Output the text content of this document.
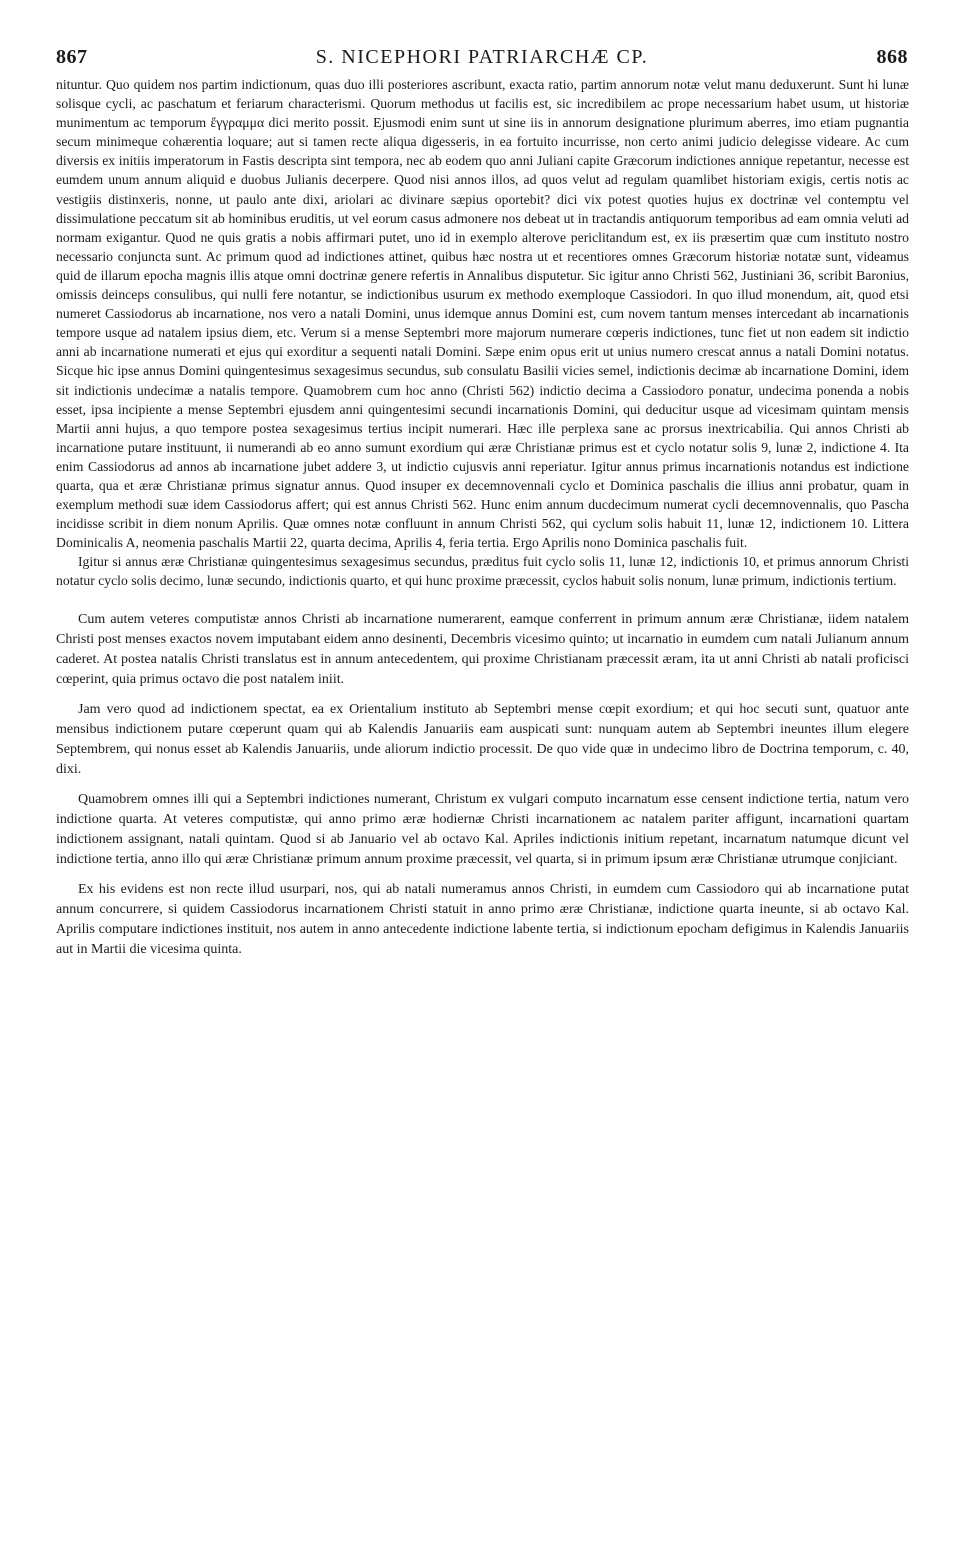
867	S. NICEPHORI PATRIARCHÆ CP.	868

nituntur. Quo quidem nos partim indictionum, quas duo illi posteriores ascribunt, exacta ratio, partim annorum notæ velut manu deduxerunt. Sunt hi lunæ solisque cycli, ac paschatum et feriarum characterismi. Quorum methodus ut facilis est, sic incredibilem ac prope necessarium habet usum, ut historiæ munimentum ac temporum ἔγγραμμα dici merito possit. Ejusmodi enim sunt ut sine iis in annorum designatione plurimum aberres, imo etiam pugnantia secum minimeque cohærentia loquare; aut si tamen recte aliqua digesseris, in ea fortuito incurrisse, non certo animi judicio delegisse videare. Ac cum diversis ex initiis imperatorum in Fastis descripta sint tempora, nec ab eodem quo anni Juliani capite Græcorum indictiones annique repetantur, necesse est eumdem unum annum aliquid e duobus Julianis decerpere. Quod nisi annos illos, ad quos velut ad regulam quamlibet historiam exigis, certis notis ac vestigiis distinxeris, nonne, ut paulo ante dixi, ariolari ac divinare sæpius oportebit? dici vix potest quoties hujus ex doctrinæ vel contemptu vel dissimulatione peccatum sit ab hominibus eruditis, ut vel eorum casus admonere nos debeat ut in tractandis antiquorum temporibus ad eam omnia veluti ad normam exigantur. Quod ne quis gratis a nobis affirmari putet, uno id in exemplo alterove periclitandum est, ex iis præsertim quæ cum instituto nostro necessario conjuncta sunt. Ac primum quod ad indictiones attinet, quibus hæc nostra ut et recentiores omnes Græcorum historiæ notatæ sunt, videamus quid de illarum epocha magnis illis atque omni doctrinæ genere refertis in Annalibus disputetur. Sic igitur anno Christi 562, Justiniani 36, scribit Baronius, omissis deinceps consulibus, qui nulli fere notantur, se indictionibus usurum ex methodo exemploque Cassiodori. In quo illud monendum, ait, quod etsi numeret Cassiodorus ab incarnatione, nos vero a natali Domini, unus idemque annus Domini est, cum novem tantum menses intercedant ab incarnationis tempore usque ad natalem ipsius diem, etc. Verum si a mense Septembri more majorum numerare cœperis indictiones, tunc fiet ut non eadem sit indictio anni ab incarnatione numerati et ejus qui exorditur a sequenti natali Domini. Sæpe enim opus erit ut unius numero crescat annus a natali Domini notatus. Sicque hic ipse annus Domini quingentesimus sexagesimus secundus, sub consulatu Basilii vicies semel, indictionis decimæ ab incarnatione Domini, idem sit indictionis undecimæ a natalis tempore. Quamobrem cum hoc anno (Christi 562) indictio decima a Cassiodoro ponatur, undecima ponenda a nobis esset, ipsa incipiente a mense Septembri ejusdem anni quingentesimi secundi incarnationis Domini, qui deducitur usque ad vicesimam quintam mensis Martii anni hujus, a quo tempore postea sexagesimus tertius incipit numerari. Hæc ille perplexa sane ac prorsus inextricabilia. Qui annos Christi ab incarnatione putare instituunt, ii numerandi ab eo anno sumunt exordium qui æræ Christianæ primus est et cyclo notatur solis 9, lunæ 2, indictione 4. Ita enim Cassiodorus ad annos ab incarnatione jubet addere 3, ut indictio cujusvis anni reperiatur. Igitur annus primus incarnationis notandus est indictione quarta, qua et æræ Christianæ primus signatur annus. Quod insuper ex decemnovennali cyclo et Dominica paschalis die illius anni probatur, quam in exemplum methodi suæ idem Cassiodorus affert; qui est annus Christi 562. Hunc enim annum ducdecimum numerat cycli decemnovennalis, quo Pascha incidisse scribit in diem nonum Aprilis. Quæ omnes notæ confluunt in annum Christi 562, qui cyclum solis habuit 11, lunæ 12, indictionem 10. Littera Dominicalis A, neomenia paschalis Martii 22, quarta decima, Aprilis 4, feria tertia. Ergo Aprilis nono Dominica paschalis fuit.

Igitur si annus æræ Christianæ quingentesimus sexagesimus secundus, præditus fuit cyclo solis 11, lunæ 12, indictionis 10, et primus annorum Christi notatur cyclo solis decimo, lunæ secundo, indictionis quarto, et qui hunc proxime præcessit, cyclos habuit solis nonum, lunæ primum, indictionis tertium.

Cum autem veteres computistæ annos Christi ab incarnatione numerarent, eamque conferrent in primum annum æræ Christianæ, iidem natalem Christi post menses exactos novem imputabant eidem anno desinenti, Decembris vicesimo quinto; ut incarnatio in eumdem cum natali Julianum annum caderet. At postea natalis Christi translatus est in annum antecedentem, qui proxime Christianam præcessit æram, ita ut anni Christi ab natali proficisci cœperint, quia primus octavo die post natalem iniit.

Jam vero quod ad indictionem spectat, ea ex Orientalium instituto ab Septembri mense cœpit exordium; et qui hoc secuti sunt, quatuor ante mensibus indictionem putare cœperunt quam qui ab Kalendis Januariis eam auspicati sunt: nunquam autem ab Septembri ineuntes illum elegere Septembrem, qui nonus esset ab Kalendis Januariis, unde aliorum indictio processit. De quo vide quæ in undecimo libro de Doctrina temporum, c. 40, dixi.

Quamobrem omnes illi qui a Septembri indictiones numerant, Christum ex vulgari computo incarnatum esse censent indictione tertia, natum vero indictione quarta. At veteres computistæ, qui anno primo æræ hodiernæ Christi incarnationem ac natalem pariter affigunt, incarnationi quartam indictionem assignant, natali quintam. Quod si ab Januario vel ab octavo Kal. Apriles indictionis initium repetant, incarnatum natumque dicunt vel indictione tertia, anno illo qui æræ Christianæ primum annum proxime præcessit, vel quarta, si in primum ipsum æræ Christianæ utrumque conjiciant.

Ex his evidens est non recte illud usurpari, nos, qui ab natali numeramus annos Christi, in eumdem cum Cassiodoro qui ab incarnatione putat annum concurrere, si quidem Cassiodorus incarnationem Christi statuit in anno primo æræ Christianæ, indictione quarta ineunte, si ab octavo Kal. Aprilis computare indictiones instituit, nos autem in anno antecedente indictione labente tertia, si indictionum epocham defigimus in Kalendis Januariis aut in Martii die vicesima quinta.
